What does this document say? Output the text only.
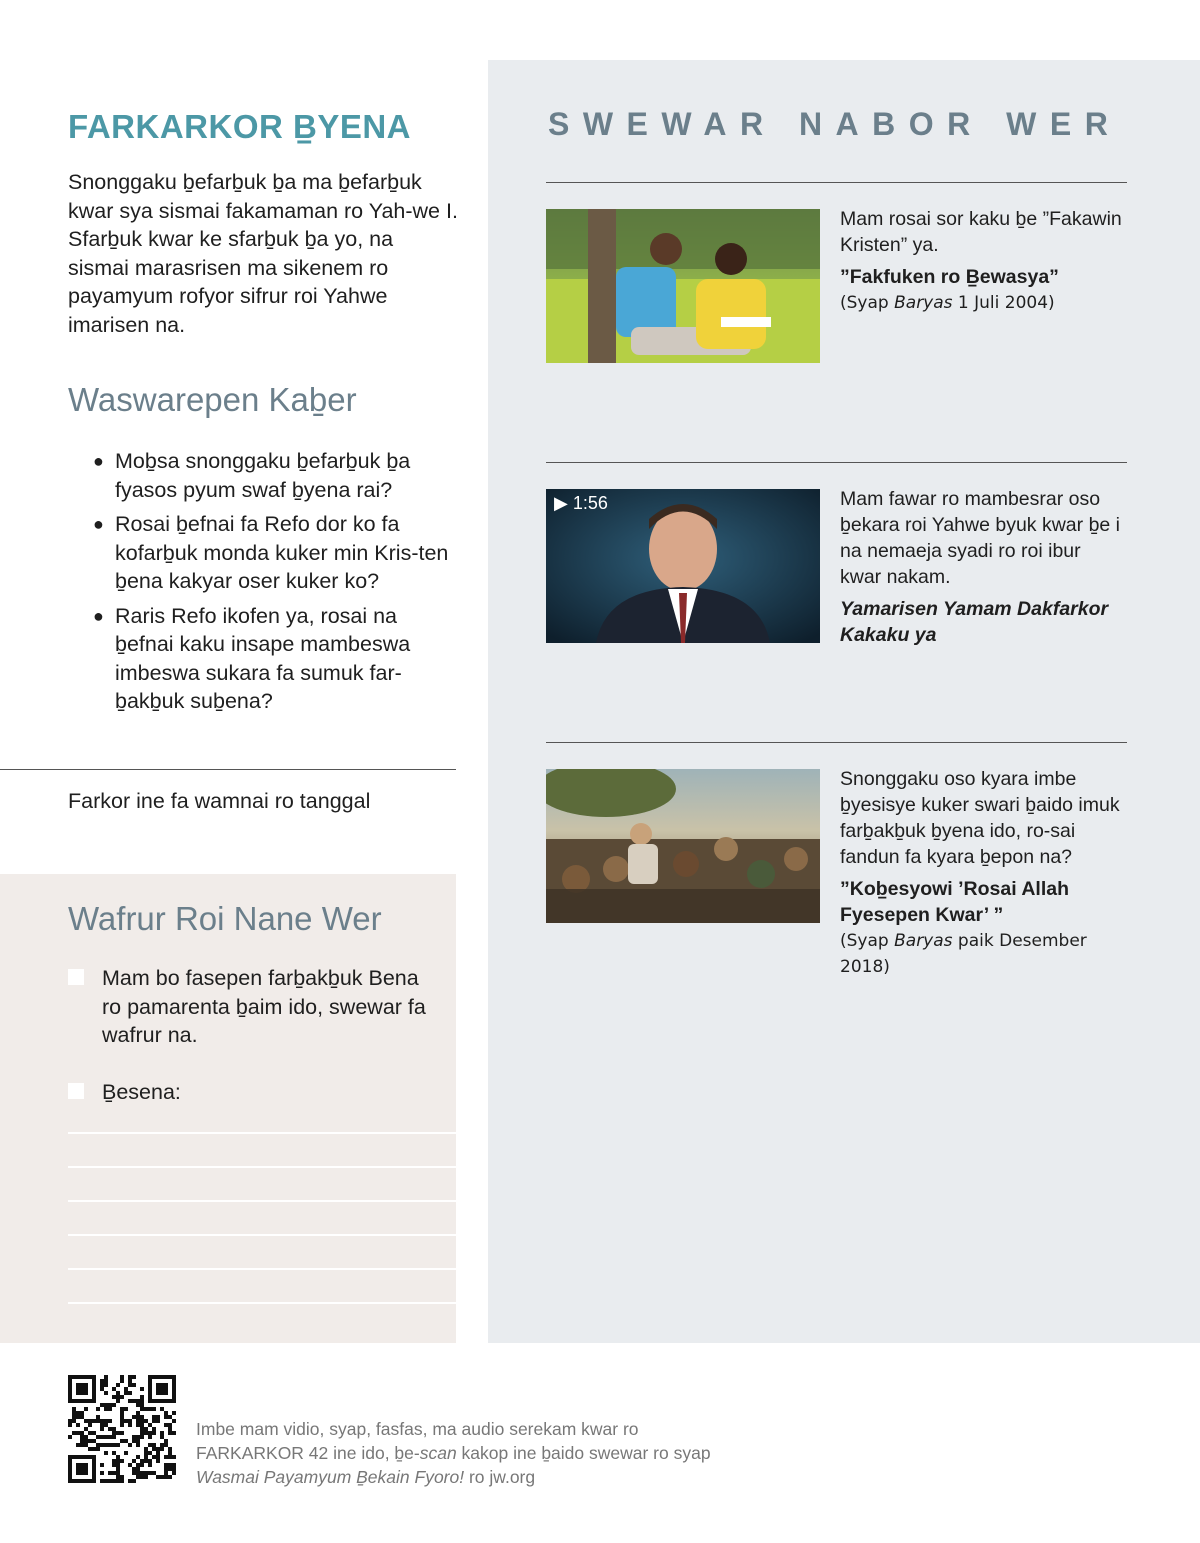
FARKARKOR B̠YENA

Snonggaku b̠efarb̠uk b̠a ma b̠efarb̠uk kwar sya sismai fakamaman ro Yah-we I. Sfarb̠uk kwar ke sfarb̠uk b̠a yo, na sismai marasrisen ma sikenem ro payamyum rofyor sifrur roi Yahwe imarisen na.

Waswarepen Kab̠er
● Mob̠sa snonggaku b̠efarb̠uk b̠a fyasos pyum swaf b̠yena rai?
● Rosai b̠efnai fa Refo dor ko fa kofarb̠uk monda kuker min Kris-ten b̠ena kakyar oser kuker ko?
● Raris Refo ikofen ya, rosai na b̠efnai kaku insape mambeswa imbeswa sukara fa sumuk far-b̠akb̠uk sub̠ena?
Farkor ine fa wamnai ro tanggal
Wafrur Roi Nane Wer
Mam bo fasepen farb̠akb̠uk Bena ro pamarenta b̠aim ido, swewar fa wafrur na.
B̠esena:
SWEWAR NABOR WER

Mam rosai sor kaku b̠e ”Fakawin Kristen” ya.

”Fakfuken ro B̠ewasya”

(Syap Baryas 1 Juli 2004)

▶ 1:56	Mam fawar ro mambesrar oso b̠ekara roi Yahwe byuk kwar b̠e i na nemaeja syadi ro roi ibur kwar nakam.

Yamarisen Yamam Dakfarkor Kakaku ya

Snonggaku oso kyara imbe b̠yesisye kuker swari b̠aido imuk farb̠akb̠uk b̠yena ido, ro-sai fandun fa kyara b̠epon na?

”Kob̠esyowi ’Rosai Allah Fyesepen Kwar’ ”

(Syap Baryas paik Desember 2018)

Imbe mam vidio, syap, fasfas, ma audio serekam kwar ro FARKARKOR 42 ine ido, b̠e-scan kakop ine b̠aido swewar ro syap Wasmai Payamyum B̠ekain Fyoro! ro jw.org
